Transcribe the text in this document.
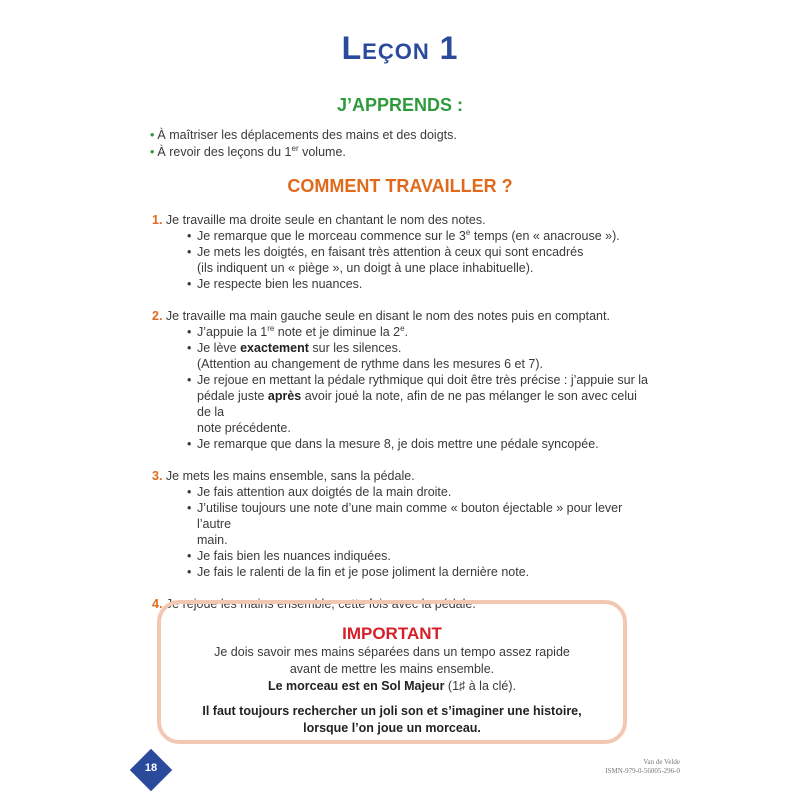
Leçon 1
J’APPRENDS :
• À maîtriser les déplacements des mains et des doigts.
• À revoir des leçons du 1er volume.
COMMENT TRAVAILLER ?
1. Je travaille ma droite seule en chantant le nom des notes.
• Je remarque que le morceau commence sur le 3e temps (en « anacrouse »).
• Je mets les doigtés, en faisant très attention à ceux qui sont encadrés
(ils indiquent un « piège », un doigt à une place inhabituelle).
• Je respecte bien les nuances.
2. Je travaille ma main gauche seule en disant le nom des notes puis en comptant.
• J’appuie la 1re note et je diminue la 2e.
• Je lève exactement sur les silences.
(Attention au changement de rythme dans les mesures 6 et 7).
• Je rejoue en mettant la pédale rythmique qui doit être très précise : j’appuie sur la
pédale juste après avoir joué la note, afin de ne pas mélanger le son avec celui de la
note précédente.
• Je remarque que dans la mesure 8, je dois mettre une pédale syncopée.
3. Je mets les mains ensemble, sans la pédale.
• Je fais attention aux doigtés de la main droite.
• J’utilise toujours une note d’une main comme « bouton éjectable » pour lever l’autre
main.
• Je fais bien les nuances indiquées.
• Je fais le ralenti de la fin et je pose joliment la dernière note.
4. Je rejoue les mains ensemble, cette fois avec la pédale.
IMPORTANT
Je dois savoir mes mains séparées dans un tempo assez rapide
avant de mettre les mains ensemble.
Le morceau est en Sol Majeur (1♯ à la clé).
Il faut toujours rechercher un joli son et s’imaginer une histoire,
lorsque l’on joue un morceau.
18	Van de Velde
ISMN-979-0-56005-296-0
